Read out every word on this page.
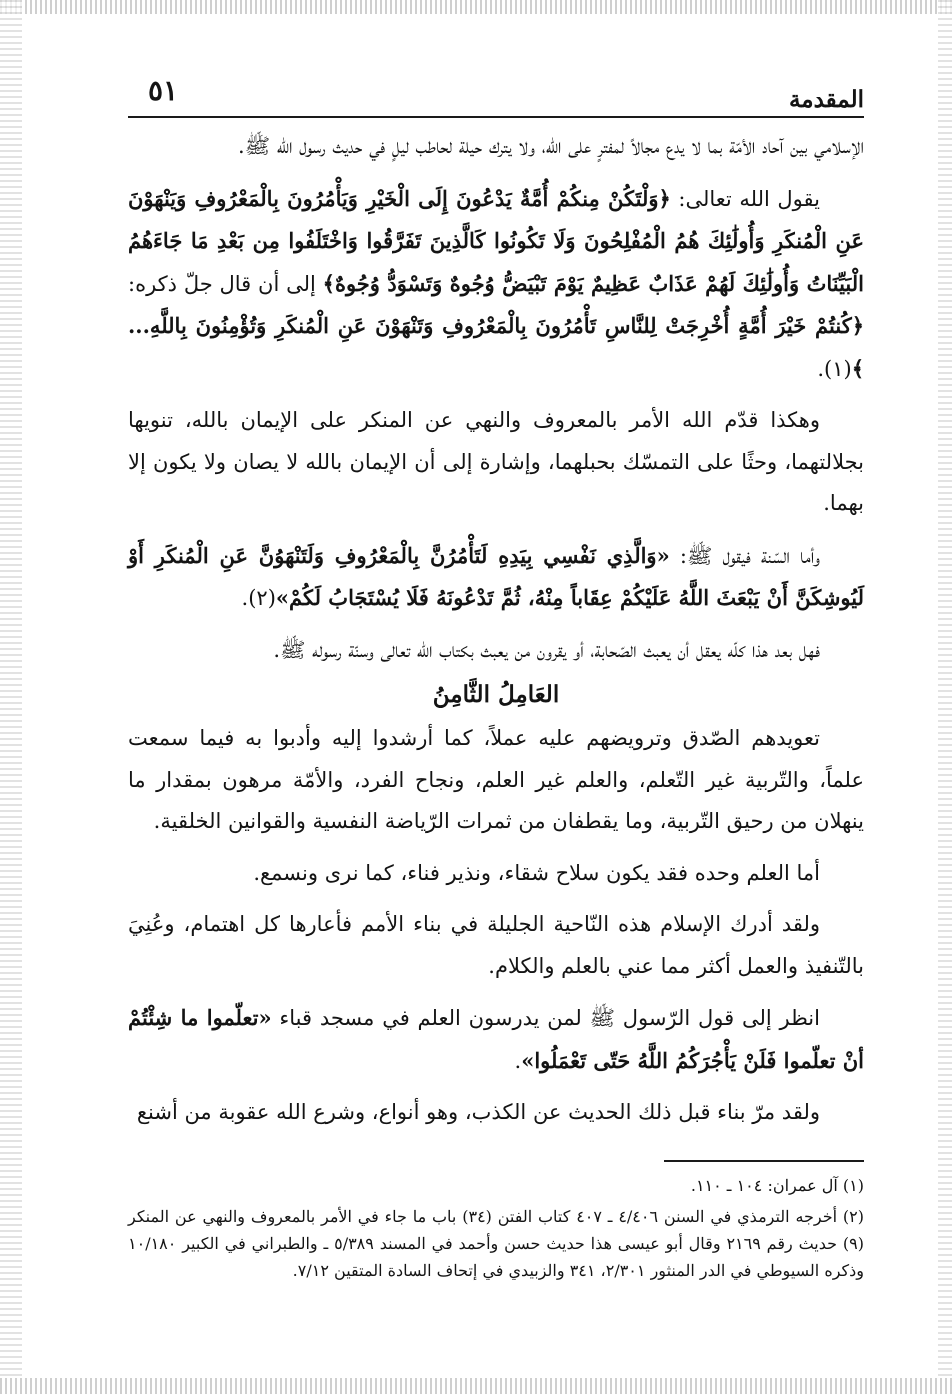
المقدمة
٥١

الإسلامي بين آحاد الأمّة بما لا يدع مجالاً لمفترٍ على الله، ولا يترك حيلة لحاطب ليلٍ في حديث رسول الله ﷺ.

يقول الله تعالى: ﴿وَلْتَكُنْ مِنكُمْ أُمَّةٌ يَدْعُونَ إِلَى الْخَيْرِ وَيَأْمُرُونَ بِالْمَعْرُوفِ وَيَنْهَوْنَ عَنِ الْمُنكَرِ وَأُولَٰئِكَ هُمُ الْمُفْلِحُونَ وَلَا تَكُونُوا كَالَّذِينَ تَفَرَّقُوا وَاخْتَلَفُوا مِن بَعْدِ مَا جَاءَهُمُ الْبَيِّنَاتُ وَأُولَٰئِكَ لَهُمْ عَذَابٌ عَظِيمٌ يَوْمَ تَبْيَضُّ وُجُوهٌ وَتَسْوَدُّ وُجُوهٌ﴾ إلى أن قال جلّ ذكره: ﴿كُنتُمْ خَيْرَ أُمَّةٍ أُخْرِجَتْ لِلنَّاسِ تَأْمُرُونَ بِالْمَعْرُوفِ وَتَنْهَوْنَ عَنِ الْمُنكَرِ وَتُؤْمِنُونَ بِاللَّهِ... ﴾(١).

وهكذا قدّم الله الأمر بالمعروف والنهي عن المنكر على الإيمان بالله، تنويها بجلالتهما، وحثًا على التمسّك بحبلهما، وإشارة إلى أن الإيمان بالله لا يصان ولا يكون إلا بهما.

وأما السّنة فيقول ﷺ: «وَالَّذِي نَفْسِي بِيَدِهِ لَتَأْمُرُنَّ بِالْمَعْرُوفِ وَلَتَنْهَوُنَّ عَنِ الْمُنكَرِ أَوْ لَيُوشِكَنَّ أَنْ يَبْعَثَ اللَّهُ عَلَيْكُمْ عِقَاباً مِنْهُ، ثُمَّ تَدْعُونَهُ فَلَا يُسْتَجَابُ لَكُمْ»(٢).

فهل بعد هذا كلّه يعقل أن يعبث الصّحابة، أو يقرون من يعبث بكتاب الله تعالى وسنّة رسوله ﷺ.

العَامِلُ الثَّامِنُ

تعويدهم الصّدق وترويضهم عليه عملاً، كما أرشدوا إليه وأدبوا به فيما سمعت علماً، والتّربية غير التّعلم، والعلم غير العلم، ونجاح الفرد، والأمّة مرهون بمقدار ما ينهلان من رحيق التّربية، وما يقطفان من ثمرات الرّياضة النفسية والقوانين الخلقية.

أما العلم وحده فقد يكون سلاح شقاء، ونذير فناء، كما نرى ونسمع.

ولقد أدرك الإسلام هذه النّاحية الجليلة في بناء الأمم فأعارها كل اهتمام، وعُنِيَ بالتّنفيذ والعمل أكثر مما عني بالعلم والكلام.

انظر إلى قول الرّسول ﷺ لمن يدرسون العلم في مسجد قباء «تعلّموا ما شِئْتُمْ أنْ تعلّموا فَلَنْ يَأْجُرَكُمُ اللَّهُ حَتّى تَعْمَلُوا».

ولقد مرّ بناء قبل ذلك الحديث عن الكذب، وهو أنواع، وشرع الله عقوبة من أشنع

(١) آل عمران: ١٠٤ ـ ١١٠.

(٢) أخرجه الترمذي في السنن ٤/٤٠٦ ـ ٤٠٧ كتاب الفتن (٣٤) باب ما جاء في الأمر بالمعروف والنهي عن المنكر (٩) حديث رقم ٢١٦٩ وقال أبو عيسى هذا حديث حسن وأحمد في المسند ٥/٣٨٩ ـ والطبراني في الكبير ١٠/١٨٠ وذكره السيوطي في الدر المنثور ٢/٣٠١، ٣٤١ والزبيدي في إتحاف السادة المتقين ٧/١٢.
